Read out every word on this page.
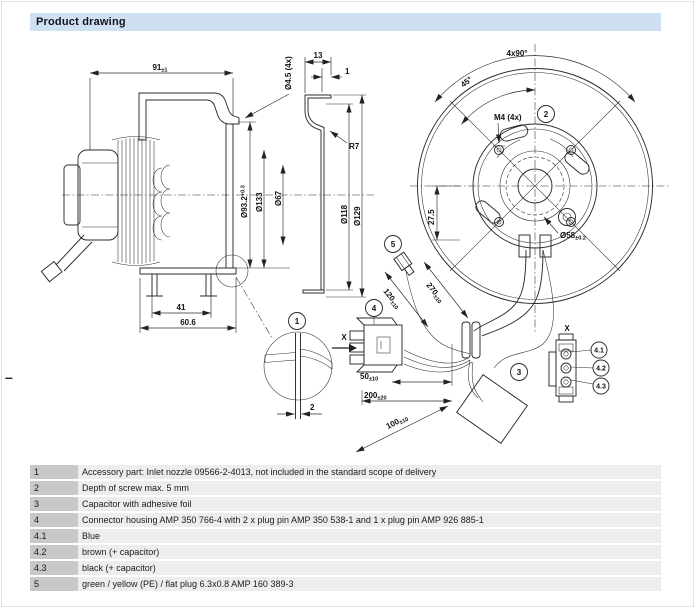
Product drawing
–
91±1
$Ø93.2^{+0.3}$
Ø133 Ø67
41
60.6
13
1
Ø4.5 (4x)
R7
Ø118 Ø129
4x90°
45°
M4 (4x)	2
27.5
Ø58±0.2
5
4
X
3
120±10
270±10
50±10
200±20
100±10
2
1
X
4.1
4.2
4.3
1	Accessory part: Inlet nozzle 09566-2-4013, not included in the standard scope of delivery
2	Depth of screw max. 5 mm
3	Capacitor with adhesive foil
4	Connector housing AMP 350 766-4 with 2 x plug pin AMP 350 538-1 and 1 x plug pin AMP 926 885-1
4.1	Blue
4.2	brown (+ capacitor)
4.3	black (+ capacitor)
5	green / yellow (PE) / flat plug 6.3x0.8 AMP 160 389-3
